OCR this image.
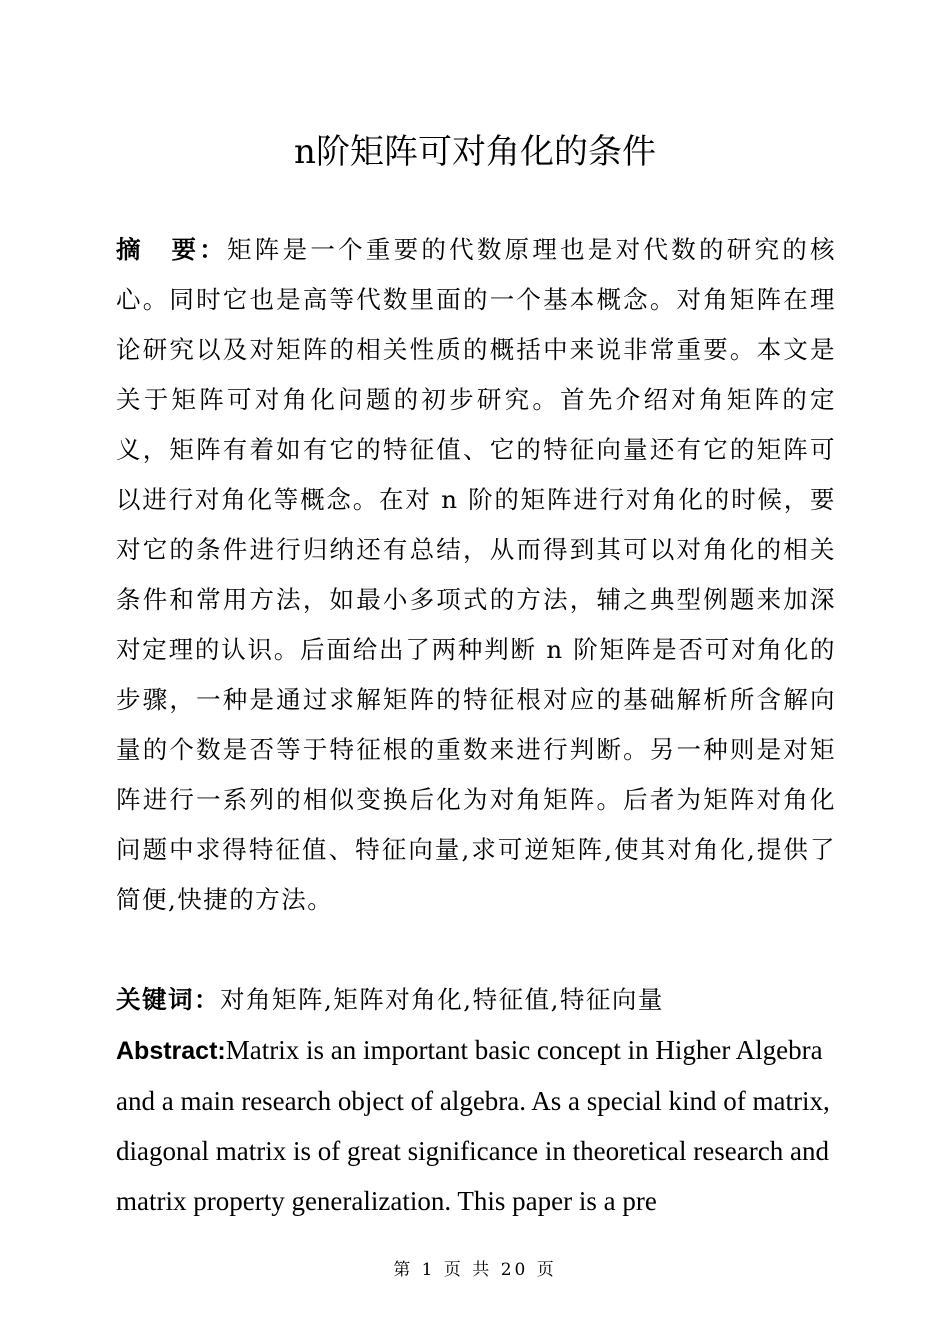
n阶矩阵可对角化的条件
摘　要：矩阵是一个重要的代数原理也是对代数的研究的核心。同时它也是高等代数里面的一个基本概念。对角矩阵在理论研究以及对矩阵的相关性质的概括中来说非常重要。本文是关于矩阵可对角化问题的初步研究。首先介绍对角矩阵的定义，矩阵有着如有它的特征值、它的特征向量还有它的矩阵可以进行对角化等概念。在对 n 阶的矩阵进行对角化的时候，要对它的条件进行归纳还有总结，从而得到其可以对角化的相关条件和常用方法，如最小多项式的方法，辅之典型例题来加深对定理的认识。后面给出了两种判断 n 阶矩阵是否可对角化的步骤，一种是通过求解矩阵的特征根对应的基础解析所含解向量的个数是否等于特征根的重数来进行判断。另一种则是对矩阵进行一系列的相似变换后化为对角矩阵。后者为矩阵对角化问题中求得特征值、特征向量,求可逆矩阵,使其对角化,提供了简便,快捷的方法。
关键词：对角矩阵,矩阵对角化,特征值,特征向量
Abstract:Matrix is an important basic concept in Higher Algebra and a main research object of algebra. As a special kind of matrix, diagonal matrix is of great significance in theoretical research and matrix property generalization. This paper is a pre
第 1 页 共 20 页
